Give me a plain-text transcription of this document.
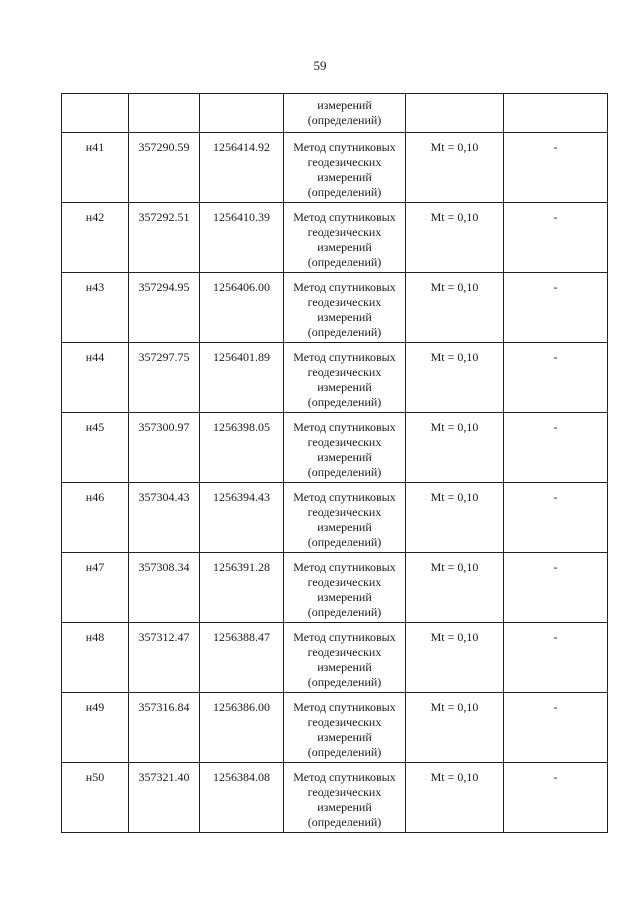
59

			измерений
(определений)		

н41	357290.59	1256414.92	Метод спутниковых
геодезических
измерений
(определений)	Mt = 0,10	-

н42	357292.51	1256410.39	Метод спутниковых
геодезических
измерений
(определений)	Mt = 0,10	-

н43	357294.95	1256406.00	Метод спутниковых
геодезических
измерений
(определений)	Mt = 0,10	-

н44	357297.75	1256401.89	Метод спутниковых
геодезических
измерений
(определений)	Mt = 0,10	-

н45	357300.97	1256398.05	Метод спутниковых
геодезических
измерений
(определений)	Mt = 0,10	-

н46	357304.43	1256394.43	Метод спутниковых
геодезических
измерений
(определений)	Mt = 0,10	-

н47	357308.34	1256391.28	Метод спутниковых
геодезических
измерений
(определений)	Mt = 0,10	-

н48	357312.47	1256388.47	Метод спутниковых
геодезических
измерений
(определений)	Mt = 0,10	-

н49	357316.84	1256386.00	Метод спутниковых
геодезических
измерений
(определений)	Mt = 0,10	-

н50	357321.40	1256384.08	Метод спутниковых
геодезических
измерений
(определений)	Mt = 0,10	-
